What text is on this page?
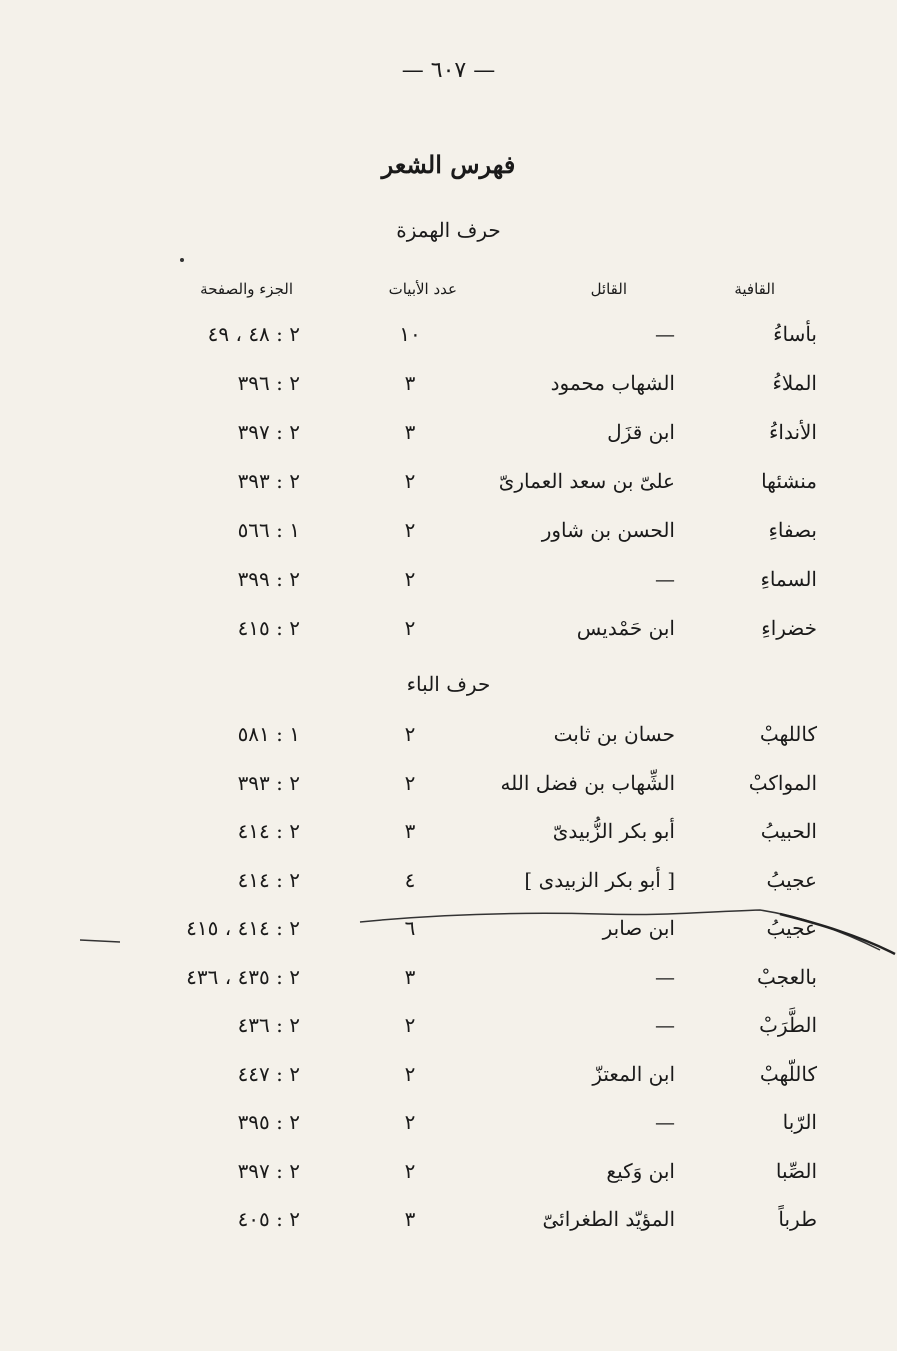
— ٦٠٧ —
فهرس الشعر
حرف الهمزة
القافية
القائل
عدد الأبيات
الجزء والصفحة
بأساءُ
—
١٠
٢ : ٤٨ ، ٤٩
الملاءُ
الشهاب محمود
٣
٢ : ٣٩٦
الأنداءُ
ابن قزَل
٣
٢ : ٣٩٧
منشئها
علىّ بن سعد العمارىّ
٢
٢ : ٣٩٣
بصفاءِ
الحسن بن شاور
٢
١ : ٥٦٦
السماءِ
—
٢
٢ : ٣٩٩
خضراءِ
ابن حَمْديس
٢
٢ : ٤١٥
حرف الباء
كاللهبْ
حسان بن ثابت
٢
١ : ٥٨١
المواكبْ
الشِّهاب بن فضل الله
٢
٢ : ٣٩٣
الحبيبُ
أبو بكر الزُّبيدىّ
٣
٢ : ٤١٤
عجيبُ
[ أبو بكر الزبيدى ]
٤
٢ : ٤١٤
عجيبُ
ابن صابر
٦
٢ : ٤١٤ ، ٤١٥
بالعجبْ
—
٣
٢ : ٤٣٥ ، ٤٣٦
الطَّرَبْ
—
٢
٢ : ٤٣٦
كاللّهبْ
ابن المعتزّ
٢
٢ : ٤٤٧
الرّبا
—
٢
٢ : ٣٩٥
الصِّبا
ابن وَكيع
٢
٢ : ٣٩٧
طرباً
المؤيّد الطغرائىّ
٣
٢ : ٤٠٥
